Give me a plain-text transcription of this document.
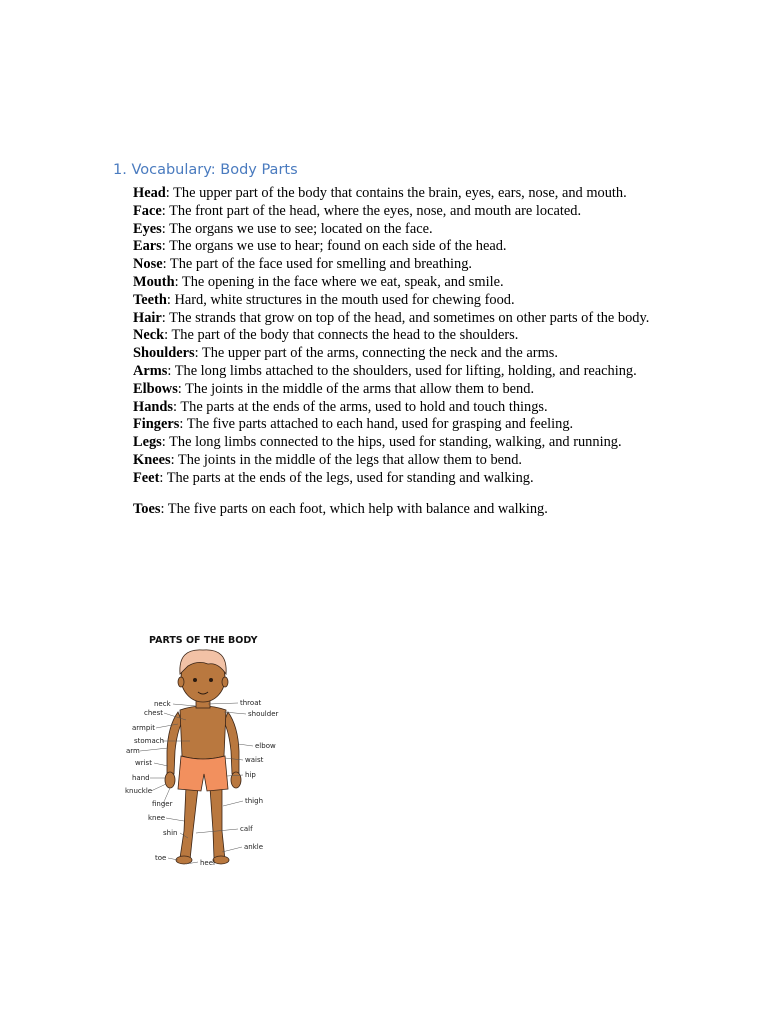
1. Vocabulary: Body Parts

Head: The upper part of the body that contains the brain, eyes, ears, nose, and mouth.

Face: The front part of the head, where the eyes, nose, and mouth are located.

Eyes: The organs we use to see; located on the face.

Ears: The organs we use to hear; found on each side of the head.

Nose: The part of the face used for smelling and breathing.

Mouth: The opening in the face where we eat, speak, and smile.

Teeth: Hard, white structures in the mouth used for chewing food.

Hair: The strands that grow on top of the head, and sometimes on other parts of the body.

Neck: The part of the body that connects the head to the shoulders.

Shoulders: The upper part of the arms, connecting the neck and the arms.

Arms: The long limbs attached to the shoulders, used for lifting, holding, and reaching.

Elbows: The joints in the middle of the arms that allow them to bend.

Hands: The parts at the ends of the arms, used to hold and touch things.

Fingers: The five parts attached to each hand, used for grasping and feeling.

Legs: The long limbs connected to the hips, used for standing, walking, and running.

Knees: The joints in the middle of the legs that allow them to bend.

Feet: The parts at the ends of the legs, used for standing and walking.

Toes: The five parts on each foot, which help with balance and walking.

PARTS OF THE BODY
neck
chest
armpit
stomach
arm
wrist
hand
knuckle
finger
knee
shin
toe
heel
throat
shoulder
elbow
waist
hip
thigh
calf
ankle
